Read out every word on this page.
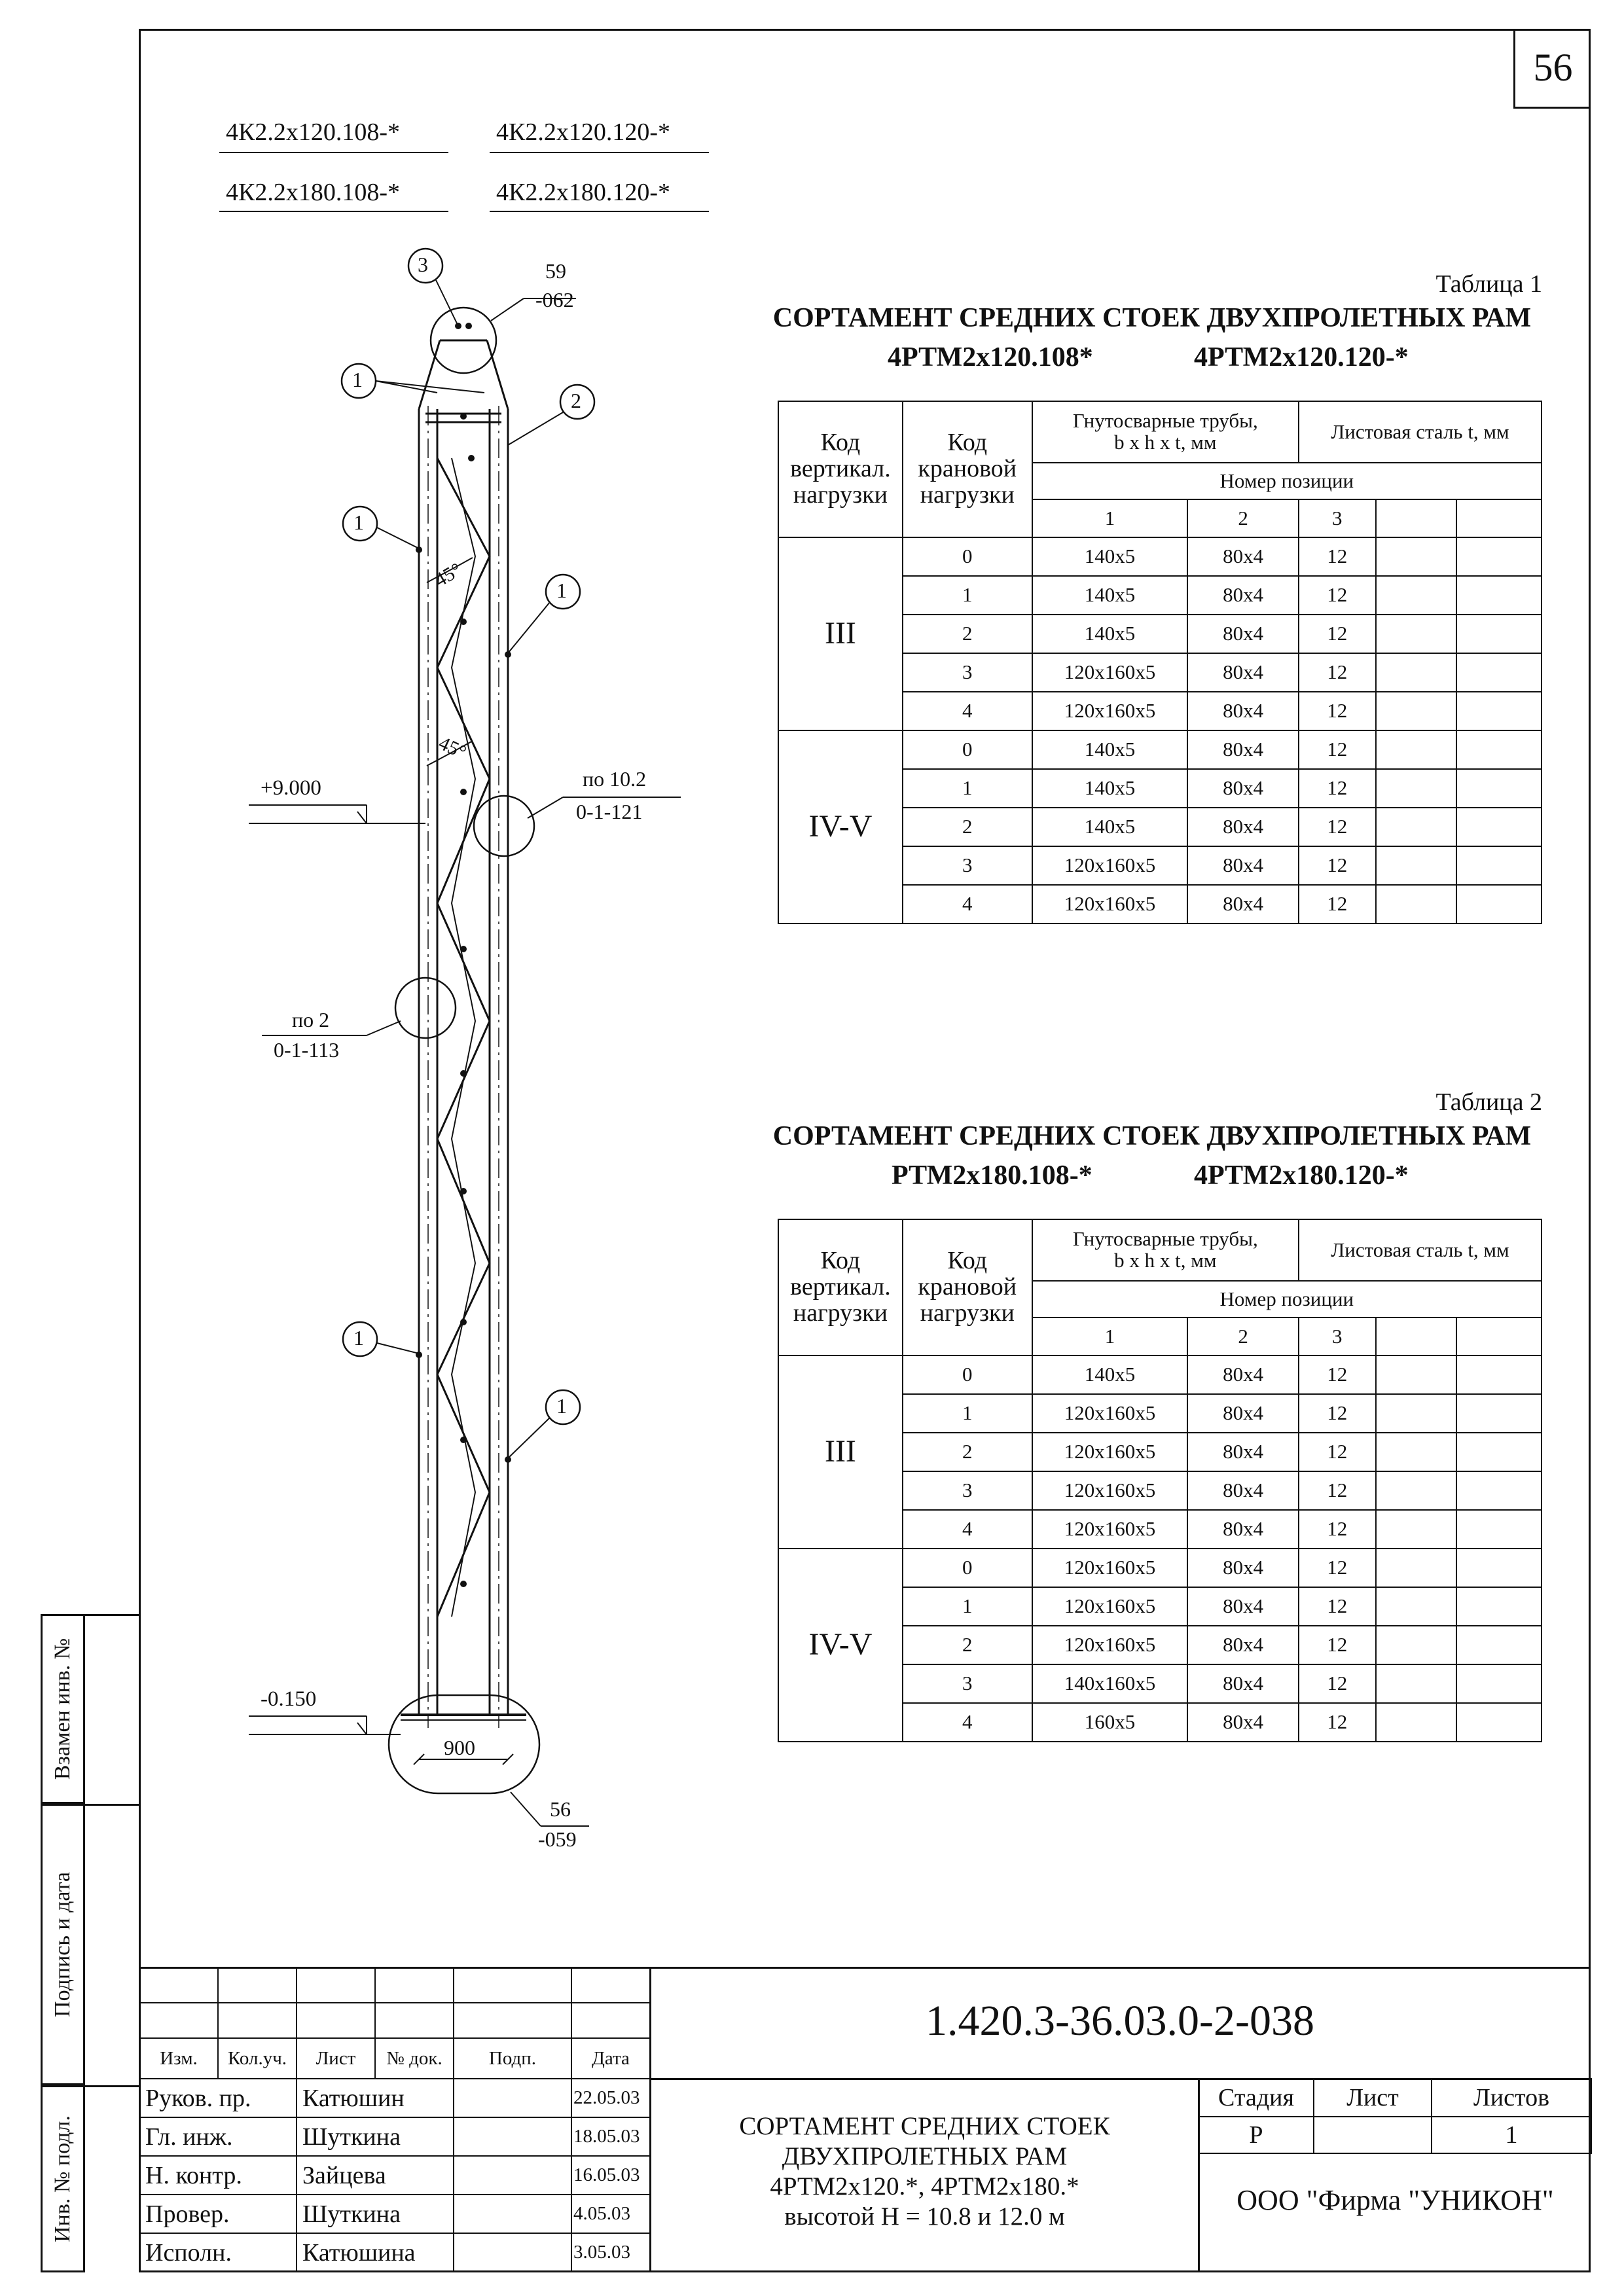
56
4К2.2x120.108-*	4К2.2x120.120-*
4К2.2x180.108-*	4К2.2x180.120-*
3
1
2
1
1
1
1
59
-062
45°
45°
+9.000	по 10.2
0-1-121
по 2
0-1-113
-0.150
900
56
-059
Таблица 1
СОРТАМЕНТ СРЕДНИХ СТОЕК ДВУХПРОЛЕТНЫХ РАМ
4РТМ2x120.108*	4РТМ2x120.120-*
Код
вертикал.
нагрузки	Код
крановой
нагрузки	Гнутосварные трубы,
b x h x t, мм		Листовая сталь t, мм		
		Номер позиции				
		1	2	3		
III	0	140x5	80x4	12		
	1	140x5	80x4	12		
	2	140x5	80x4	12		
	3	120x160x5	80x4	12		
	4	120x160x5	80x4	12		
IV-V	0	140x5	80x4	12		
	1	140x5	80x4	12		
	2	140x5	80x4	12		
	3	120x160x5	80x4	12		
	4	120x160x5	80x4	12		
Таблица 2
СОРТАМЕНТ СРЕДНИХ СТОЕК ДВУХПРОЛЕТНЫХ РАМ
РТМ2x180.108-*	4РТМ2x180.120-*
Код
вертикал.
нагрузки	Код
крановой
нагрузки	Гнутосварные трубы,
b x h x t, мм		Листовая сталь t, мм		
		Номер позиции				
		1	2	3		
III	0	140x5	80x4	12		
	1	120x160x5	80x4	12		
	2	120x160x5	80x4	12		
	3	120x160x5	80x4	12		
	4	120x160x5	80x4	12		
IV-V	0	120x160x5	80x4	12		
	1	120x160x5	80x4	12		
	2	120x160x5	80x4	12		
	3	140x160x5	80x4	12		
	4	160x5	80x4	12		
Взамен инв. №
Подпись и дата
Инв. № подл.

Изм.	Кол.уч.	Лист	№ док.	Подп.	Дата
Руков. пр.	Катюшин		22.05.03
Гл. инж.	Шуткина		18.05.03
Н. контр.	Зайцева		16.05.03
Провер.	Шуткина		4.05.03
Исполн.	Катюшина		3.05.03
1.420.3-36.03.0-2-038
СОРТАМЕНТ СРЕДНИХ СТОЕК
ДВУХПРОЛЕТНЫХ РАМ
4РТМ2x120.*, 4РТМ2x180.*
высотой Н = 10.8 и 12.0 м
Стадия	Лист	Листов
Р		1
ООО "Фирма "УНИКОН"
